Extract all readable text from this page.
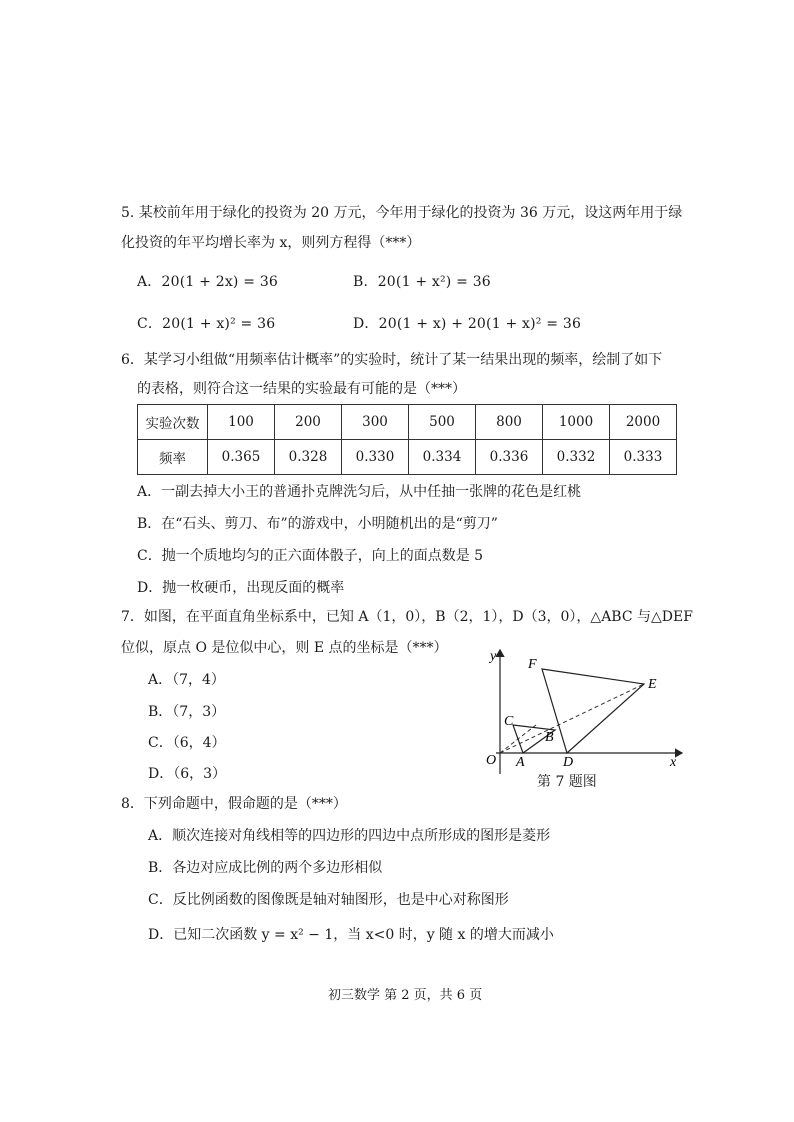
5. 某校前年用于绿化的投资为 20 万元，今年用于绿化的投资为 36 万元，设这两年用于绿
化投资的年平均增长率为 x，则列方程得（***）
A．20(1 + 2x) = 36	B．20(1 + x²) = 36
C．20(1 + x)² = 36	D．20(1 + x) + 20(1 + x)² = 36
6．某学习小组做“用频率估计概率”的实验时，统计了某一结果出现的频率，绘制了如下
的表格，则符合这一结果的实验最有可能的是（***）
实验次数	100	200	300	500	800	1000	2000
频率	0.365	0.328	0.330	0.334	0.336	0.332	0.333
A．一副去掉大小王的普通扑克牌洗匀后，从中任抽一张牌的花色是红桃
B．在“石头、剪刀、布”的游戏中，小明随机出的是“剪刀”
C．抛一个质地均匀的正六面体骰子，向上的面点数是 5
D．抛一枚硬币，出现反面的概率
7．如图，在平面直角坐标系中，已知 A（1，0），B（2，1），D（3，0），△ABC 与△DEF
位似，原点 O 是位似中心，则 E 点的坐标是（***）
A．（7，4）
B．（7，3）
C．（6，4）
D．（6，3）
y
x
O A
B
C
D
E
F
第 7 题图
8．下列命题中，假命题的是（***）
A．顺次连接对角线相等的四边形的四边中点所形成的图形是菱形
B．各边对应成比例的两个多边形相似
C．反比例函数的图像既是轴对轴图形，也是中心对称图形
D．已知二次函数 y = x² − 1，当 x<0 时，y 随 x 的增大而减小
初三数学 第 2 页，共 6 页
